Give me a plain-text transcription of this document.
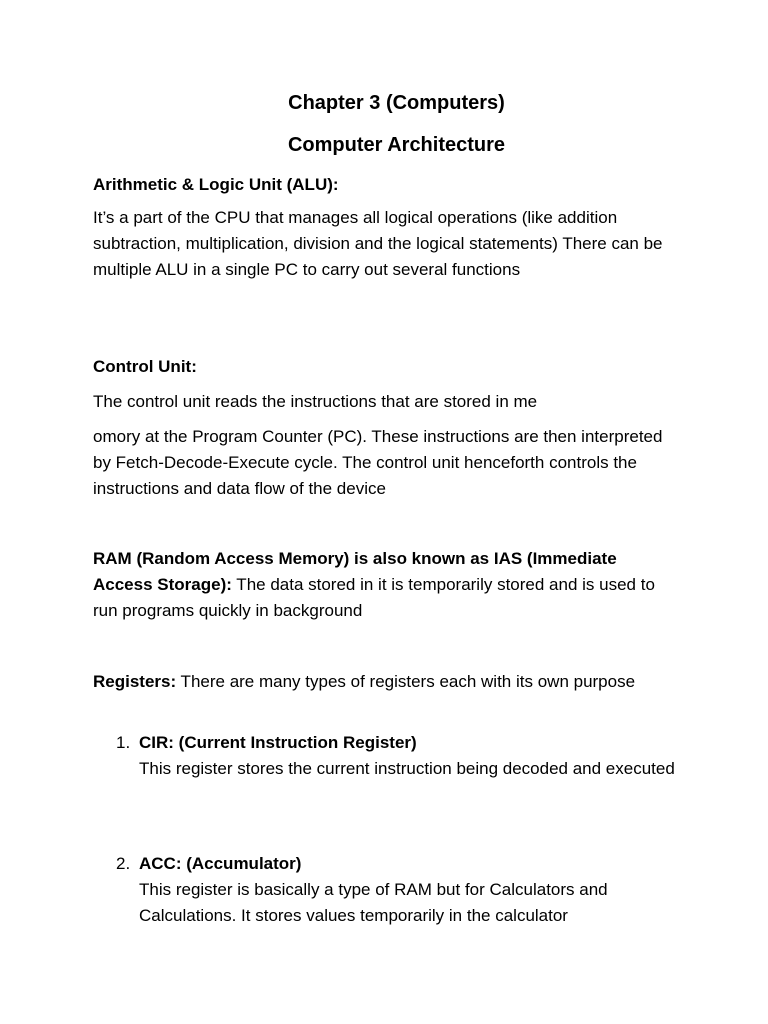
Chapter 3 (Computers)
Computer Architecture
Arithmetic & Logic Unit (ALU):
It’s a part of the CPU that manages all logical operations (like addition subtraction, multiplication, division and the logical statements) There can be multiple ALU in a single PC to carry out several functions
Control Unit:
The control unit reads the instructions that are stored in me
omory at the Program Counter (PC). These instructions are then interpreted by Fetch-Decode-Execute cycle. The control unit henceforth controls the instructions and data flow of the device
RAM (Random Access Memory) is also known as IAS (Immediate Access Storage): The data stored in it is temporarily stored and is used to run programs quickly in background
Registers: There are many types of registers each with its own purpose
1. CIR: (Current Instruction Register)
This register stores the current instruction being decoded and executed
2. ACC: (Accumulator)
This register is basically a type of RAM but for Calculators and Calculations. It stores values temporarily in the calculator
